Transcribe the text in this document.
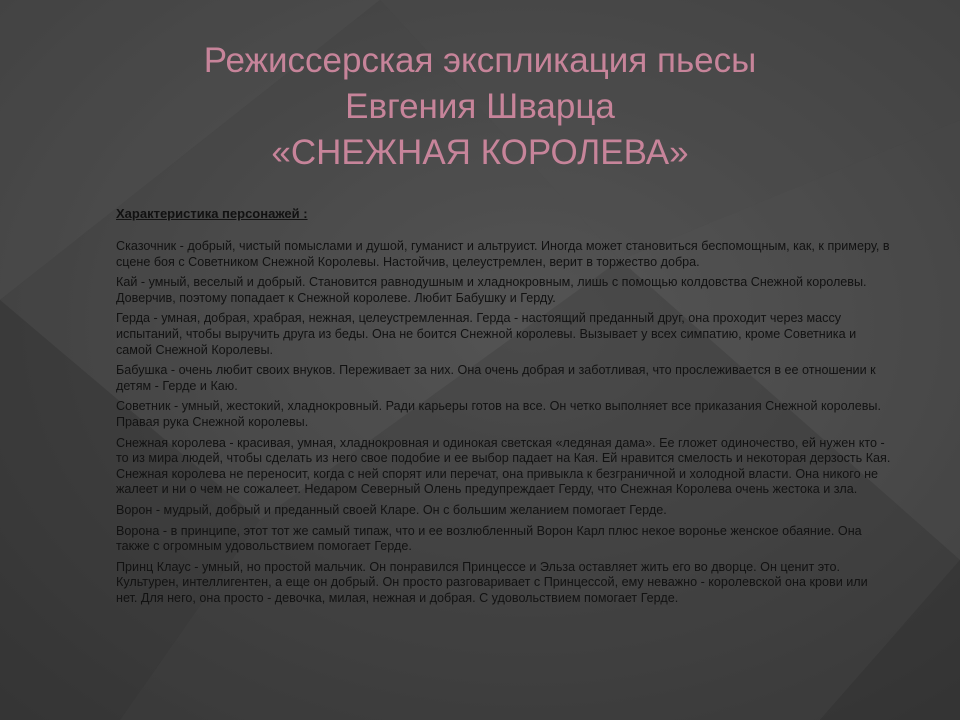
Режиссерская экспликация пьесы
Евгения Шварца
«СНЕЖНАЯ КОРОЛЕВА»
Характеристика персонажей :

Сказочник - добрый, чистый помыслами и душой, гуманист и альтруист. Иногда может становиться беспомощным, как, к примеру, в сцене боя с Советником Снежной Королевы. Настойчив, целеустремлен, верит в торжество добра.

Кай - умный, веселый и добрый. Становится равнодушным и хладнокровным, лишь с помощью колдовства Снежной королевы. Доверчив, поэтому попадает к Снежной королеве. Любит Бабушку и Герду.

Герда - умная, добрая, храбрая, нежная, целеустремленная. Герда - настоящий преданный друг, она проходит через массу испытаний, чтобы выручить друга из беды. Она не боится Снежной королевы. Вызывает у всех симпатию, кроме Советника и самой Снежной Королевы.

Бабушка - очень любит своих внуков. Переживает за них. Она очень добрая и заботливая, что прослеживается в ее отношении к детям - Герде и Каю.

Советник - умный, жестокий, хладнокровный. Ради карьеры готов на все. Он четко выполняет все приказания Снежной королевы. Правая рука Снежной королевы.

Снежная королева - красивая, умная, хладнокровная и одинокая светская «ледяная дама». Ее гложет одиночество, ей нужен кто - то из мира людей, чтобы сделать из него свое подобие и ее выбор падает на Кая. Ей нравится смелость и некоторая дерзость Кая. Снежная королева не переносит, когда с ней спорят или перечат, она привыкла к безграничной и холодной власти. Она никого не жалеет и ни о чем не сожалеет. Недаром Северный Олень предупреждает Герду, что Снежная Королева очень жестока и зла.

Ворон - мудрый, добрый и преданный своей Кларе. Он с большим желанием помогает Герде.

Ворона - в принципе, этот тот же самый типаж, что и ее возлюбленный Ворон Карл плюс некое воронье женское обаяние. Она также с огромным удовольствием помогает Герде.

Принц Клаус - умный, но простой мальчик. Он понравился Принцессе и Эльза оставляет жить его во дворце. Он ценит это. Культурен, интеллигентен, а еще он добрый. Он просто разговаривает с Принцессой, ему неважно - королевской она крови или нет. Для него, она просто - девочка, милая, нежная и добрая. С удовольствием помогает Герде.
